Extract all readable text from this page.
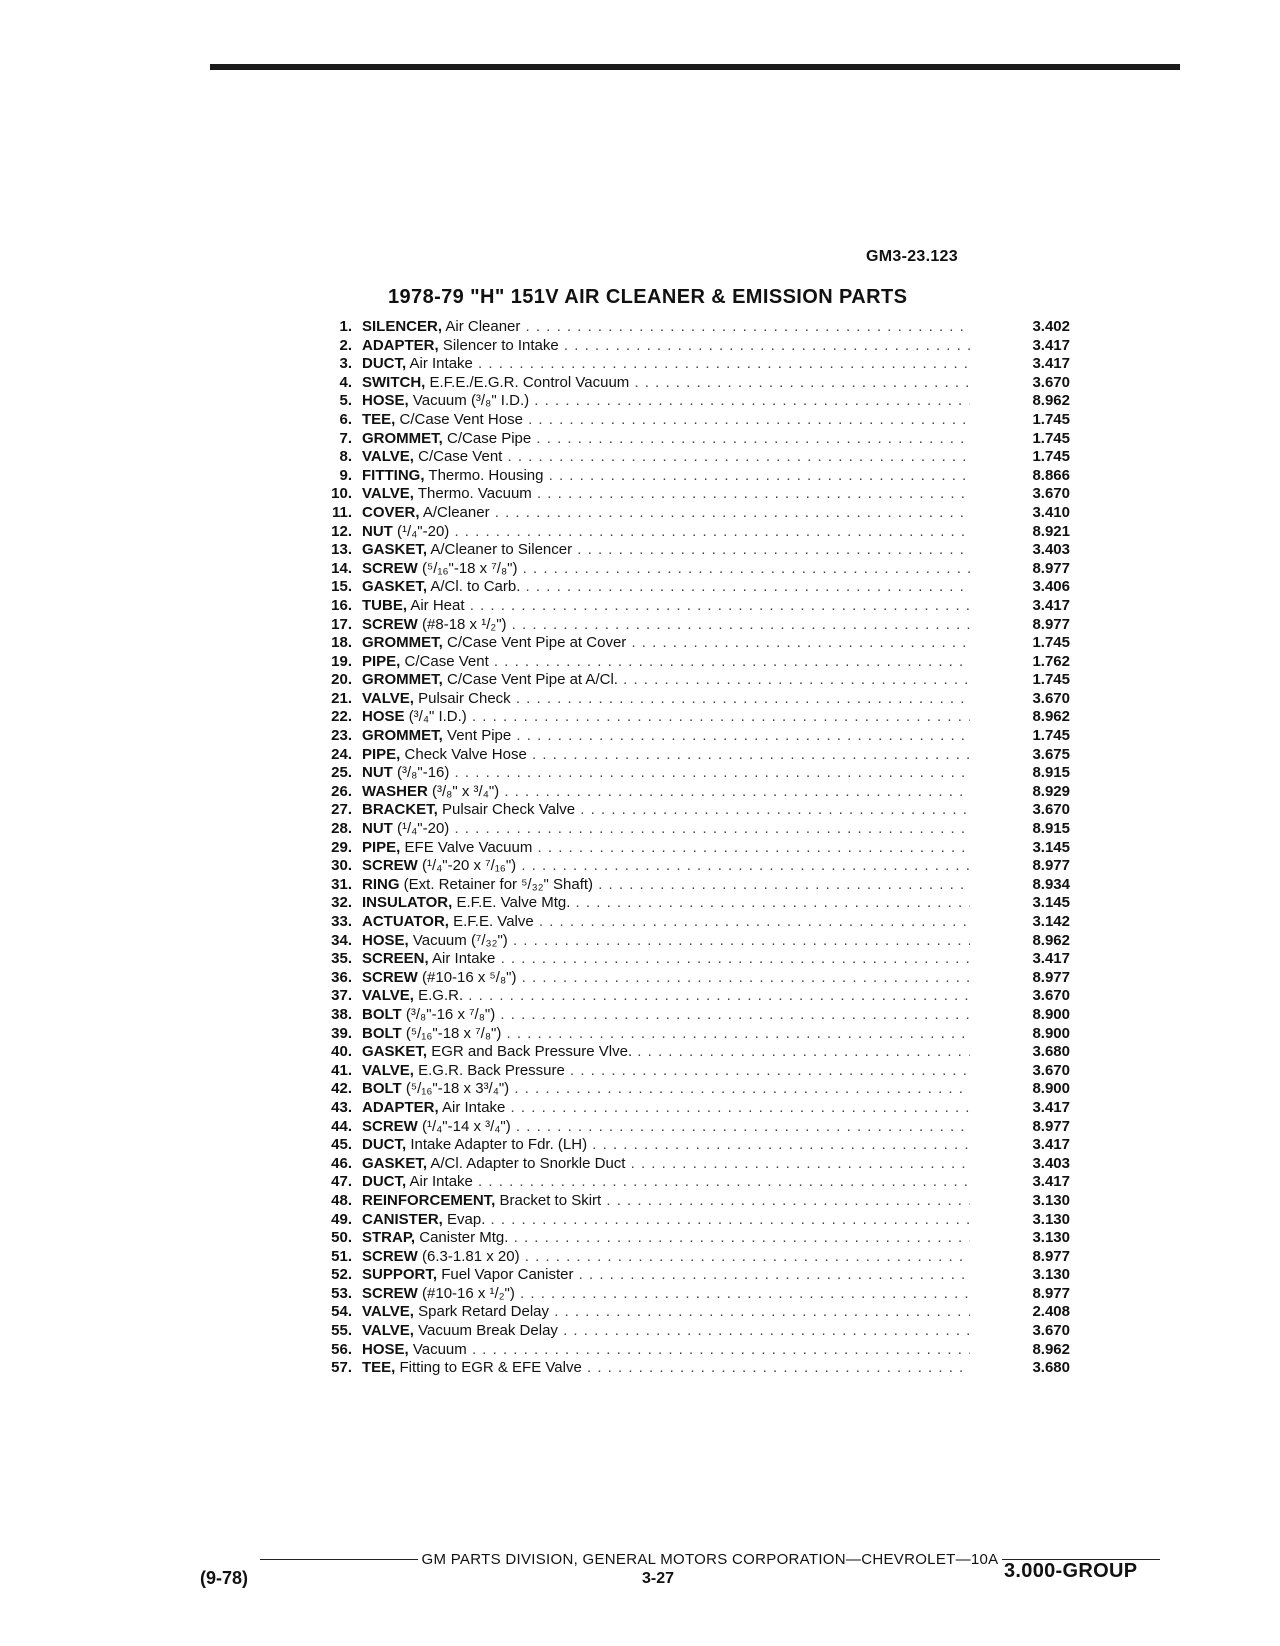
GM3-23.123
1978-79 "H" 151V AIR CLEANER & EMISSION PARTS
1. SILENCER, Air Cleaner . . .	3.402
2. ADAPTER, Silencer to Intake . . .	3.417
3. DUCT, Air Intake . . .	3.417
4. SWITCH, E.F.E./E.G.R. Control Vacuum . . .	3.670
5. HOSE, Vacuum (³/₈" I.D.) . . .	8.962
6. TEE, C/Case Vent Hose . . .	1.745
7. GROMMET, C/Case Pipe . . .	1.745
8. VALVE, C/Case Vent . . .	1.745
9. FITTING, Thermo. Housing . . .	8.866
10. VALVE, Thermo. Vacuum . . .	3.670
11. COVER, A/Cleaner . . .	3.410
12. NUT (¹/₄"-20) . . .	8.921
13. GASKET, A/Cleaner to Silencer . . .	3.403
14. SCREW (⁵/₁₆"-18 x ⁷/₈") . . .	8.977
15. GASKET, A/Cl. to Carb. . . .	3.406
16. TUBE, Air Heat . . .	3.417
17. SCREW (#8-18 x ¹/₂") . . .	8.977
18. GROMMET, C/Case Vent Pipe at Cover . . .	1.745
19. PIPE, C/Case Vent . . .	1.762
20. GROMMET, C/Case Vent Pipe at A/Cl. . . .	1.745
21. VALVE, Pulsair Check . . .	3.670
22. HOSE (³/₄" I.D.) . . .	8.962
23. GROMMET, Vent Pipe . . .	1.745
24. PIPE, Check Valve Hose . . .	3.675
25. NUT (³/₈"-16) . . .	8.915
26. WASHER (³/₈" x ³/₄") . . .	8.929
27. BRACKET, Pulsair Check Valve . . .	3.670
28. NUT (¹/₄"-20) . . .	8.915
29. PIPE, EFE Valve Vacuum . . .	3.145
30. SCREW (¹/₄"-20 x ⁷/₁₆") . . .	8.977
31. RING (Ext. Retainer for ⁵/₃₂" Shaft) . . .	8.934
32. INSULATOR, E.F.E. Valve Mtg. . . .	3.145
33. ACTUATOR, E.F.E. Valve . . .	3.142
34. HOSE, Vacuum (⁷/₃₂") . . .	8.962
35. SCREEN, Air Intake . . .	3.417
36. SCREW (#10-16 x ⁵/₈") . . .	8.977
37. VALVE, E.G.R. . . .	3.670
38. BOLT (³/₈"-16 x ⁷/₈") . . .	8.900
39. BOLT (⁵/₁₆"-18 x ⁷/₈") . . .	8.900
40. GASKET, EGR and Back Pressure Vlve. . . .	3.680
41. VALVE, E.G.R. Back Pressure . . .	3.670
42. BOLT (⁵/₁₆"-18 x 3³/₄") . . .	8.900
43. ADAPTER, Air Intake . . .	3.417
44. SCREW (¹/₄"-14 x ³/₄") . . .	8.977
45. DUCT, Intake Adapter to Fdr. (LH) . . .	3.417
46. GASKET, A/Cl. Adapter to Snorkle Duct . . .	3.403
47. DUCT, Air Intake . . .	3.417
48. REINFORCEMENT, Bracket to Skirt . . .	3.130
49. CANISTER, Evap. . . .	3.130
50. STRAP, Canister Mtg. . . .	3.130
51. SCREW (6.3-1.81 x 20) . . .	8.977
52. SUPPORT, Fuel Vapor Canister . . .	3.130
53. SCREW (#10-16 x ¹/₂") . . .	8.977
54. VALVE, Spark Retard Delay . . .	2.408
55. VALVE, Vacuum Break Delay . . .	3.670
56. HOSE, Vacuum . . .	8.962
57. TEE, Fitting to EGR & EFE Valve . . .	3.680
GM PARTS DIVISION, GENERAL MOTORS CORPORATION—CHEVROLET—10A
(9-78)	3-27	3.000-GROUP
